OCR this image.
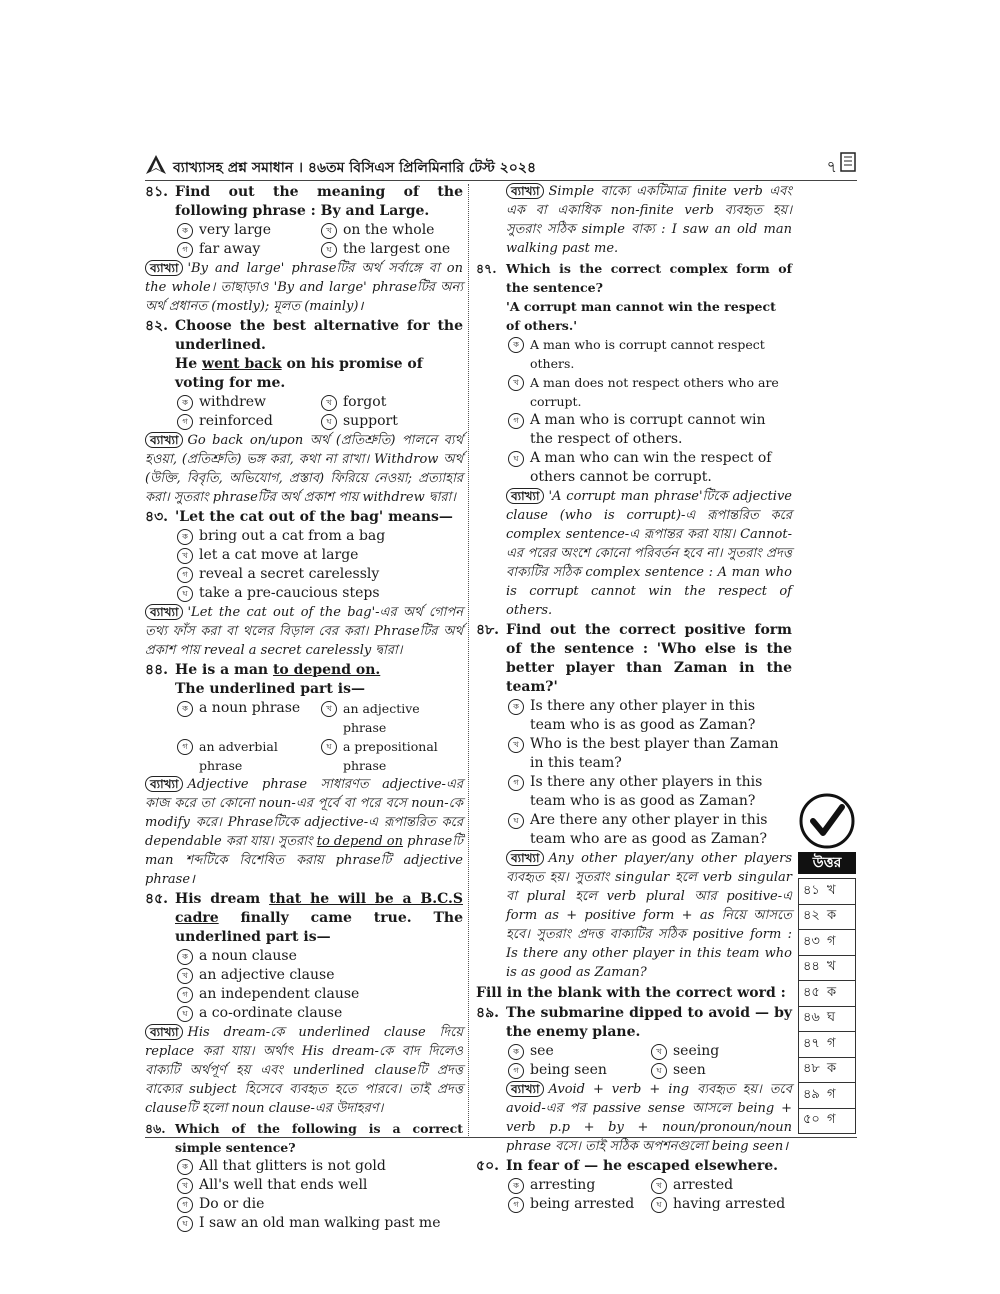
ব্যাখ্যাসহ প্রশ্ন সমাধান । ৪৬তম বিসিএস প্রিলিমিনারি টেস্ট ২০২৪	৭
৪১. Find out the meaning of the following phrase : By and Large.
ক very large	খ on the whole
গ far away	ঘ the largest one
ব্যাখ্যা 'By and large' phraseটির অর্থ সর্বাঙ্গে বা on the whole। তাছাড়াও 'By and large' phraseটির অন্য অর্থ প্রধানত (mostly); মূলত (mainly)।
৪২. Choose the best alternative for the underlined.
He went back on his promise of voting for me.
ক withdrew	খ forgot
গ reinforced	ঘ support
ব্যাখ্যা Go back on/upon অর্থ (প্রতিশ্রুতি) পালনে ব্যর্থ হওয়া, (প্রতিশ্রুতি) ভঙ্গ করা, কথা না রাখা। Withdrow অর্থ (উক্তি, বিবৃতি, অভিযোগ, প্রস্তাব) ফিরিয়ে নেওয়া; প্রত্যাহার করা। সুতরাং phraseটির অর্থ প্রকাশ পায় withdrew দ্বারা।
৪৩. 'Let the cat out of the bag' means—
ক bring out a cat from a bag
খ let a cat move at large
গ reveal a secret carelessly
ঘ take a pre-caucious steps
ব্যাখ্যা 'Let the cat out of the bag'-এর অর্থ গোপন তথ্য ফাঁস করা বা থলের বিড়াল বের করা। Phraseটির অর্থ প্রকাশ পায় reveal a secret carelessly দ্বারা।
৪৪. He is a man to depend on.
The underlined part is—
ক a noun phrase	খ an adjective phrase
গ an adverbial phrase
ঘ a prepositional phrase
ব্যাখ্যা Adjective phrase সাধারণত adjective-এর কাজ করে তা কোনো noun-এর পূর্বে বা পরে বসে noun-কে modify করে। Phraseটিকে adjective-এ রূপান্তরিত করে dependable করা যায়। সুতরাং to depend on phraseটি man শব্দটিকে বিশেষিত করায় phraseটি adjective phrase।
৪৫. His dream that he will be a B.C.S cadre finally came true. The underlined part is—
ক a noun clause
খ an adjective clause
গ an independent clause
ঘ a co-ordinate clause
ব্যাখ্যা His dream-কে underlined clause দিয়ে replace করা যায়। অর্থাৎ His dream-কে বাদ দিলেও বাক্যটি অর্থপূর্ণ হয় এবং underlined clauseটি প্রদত্ত বাক্যের subject হিসেবে ব্যবহৃত হতে পারবে। তাই প্রদত্ত clauseটি হলো noun clause-এর উদাহরণ।
৪৬. Which of the following is a correct simple sentence?
ক All that glitters is not gold
খ All's well that ends well
গ Do or die
ঘ I saw an old man walking past me
ব্যাখ্যা Simple বাক্যে একটিমাত্র finite verb এবং এক বা একাধিক non-finite verb ব্যবহৃত হয়। সুতরাং সঠিক simple বাক্য : I saw an old man walking past me.
৪৭. Which is the correct complex form of the sentence?
'A corrupt man cannot win the respect of others.'
ক A man who is corrupt cannot respect others.
খ A man does not respect others who are corrupt.
গ A man who is corrupt cannot win the respect of others.
ঘ A man who can win the respect of others cannot be corrupt.
ব্যাখ্যা 'A corrupt man phrase'টিকে adjective clause (who is corrupt)-এ রূপান্তরিত করে complex sentence-এ রূপান্তর করা যায়। Cannot-এর পরের অংশে কোনো পরিবর্তন হবে না। সুতরাং প্রদত্ত বাক্যটির সঠিক complex sentence : A man who is corrupt cannot win the respect of others.
৪৮. Find out the correct positive form of the sentence : 'Who else is the better player than Zaman in the team?'
ক Is there any other player in this team who is as good as Zaman?
খ Who is the best player than Zaman in this team?
গ Is there any other players in this team who is as good as Zaman?
ঘ Are there any other player in this team who are as good as Zaman?
ব্যাখ্যা Any other player/any other players ব্যবহৃত হয়। সুতরাং singular হলে verb singular বা plural হলে verb plural আর positive-এ form as + positive form + as নিয়ে আসতে হবে। সুতরাং প্রদত্ত বাক্যটির সঠিক positive form : Is there any other player in this team who is as good as Zaman?
Fill in the blank with the correct word :
৪৯. The submarine dipped to avoid — by the enemy plane.
ক see	খ seeing
গ being seen	ঘ seen
ব্যাখ্যা Avoid + verb + ing ব্যবহৃত হয়। তবে avoid-এর পর passive sense আসলে being + verb p.p + by + noun/pronoun/noun phrase বসে। তাই সঠিক অপশনগুলো being seen।
৫০. In fear of — he escaped elsewhere.
ক arresting	খ arrested
গ being arrested	ঘ having arrested
উত্তর
৪১ খ
৪২ ক
৪৩ গ
৪৪ খ
৪৫ ক
৪৬ ঘ
৪৭ গ
৪৮ ক
৪৯ গ
৫০ গ
